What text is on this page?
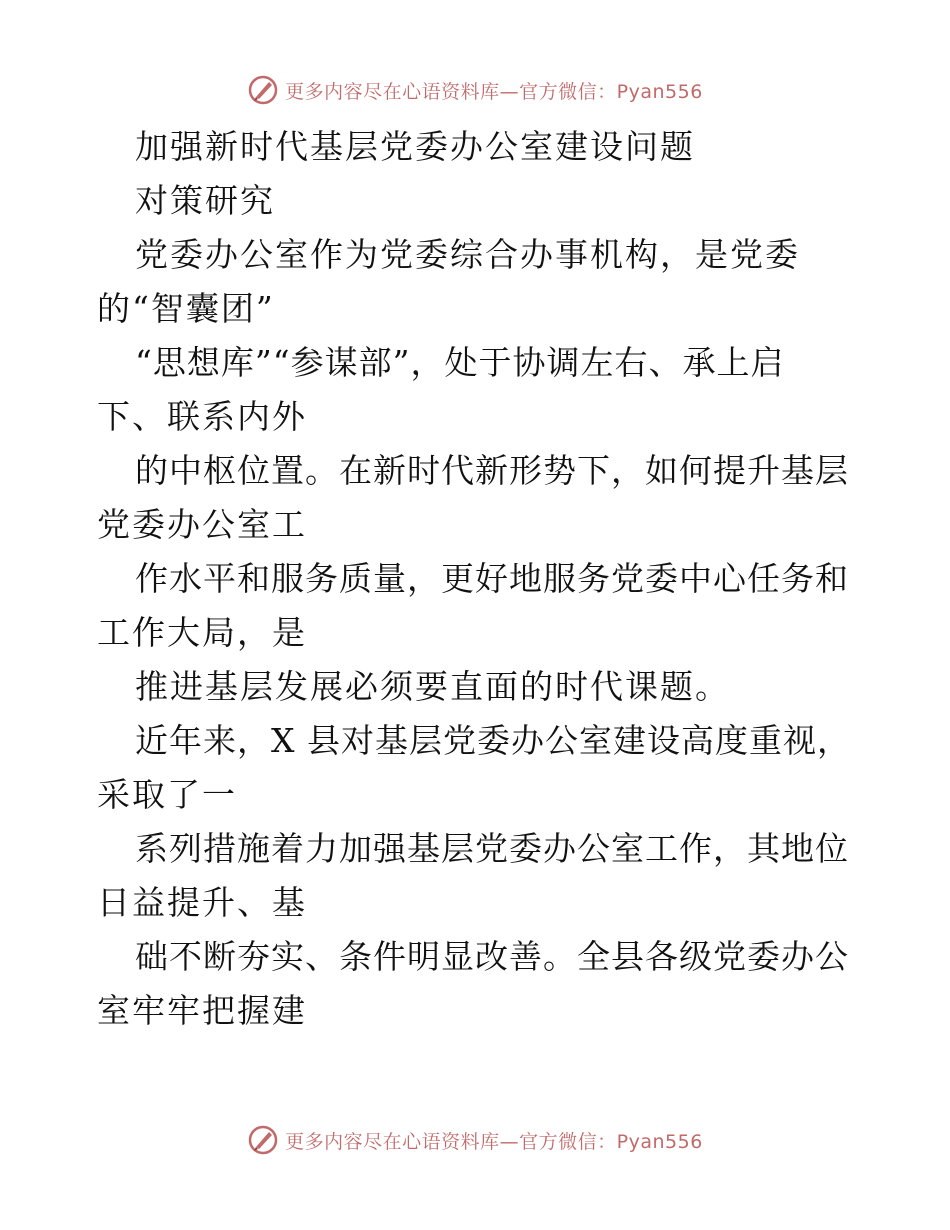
更多内容尽在心语资料库—官方微信：Pyan556
加强新时代基层党委办公室建设问题
对策研究
党委办公室作为党委综合办事机构，是党委
的“智囊团”
“思想库”“参谋部”，处于协调左右、承上启
下、联系内外
的中枢位置。在新时代新形势下，如何提升基层
党委办公室工
作水平和服务质量，更好地服务党委中心任务和
工作大局，是
推进基层发展必须要直面的时代课题。
近年来，X 县对基层党委办公室建设高度重视，
采取了一
系列措施着力加强基层党委办公室工作，其地位
日益提升、基
础不断夯实、条件明显改善。全县各级党委办公
室牢牢把握建
更多内容尽在心语资料库—官方微信：Pyan556
